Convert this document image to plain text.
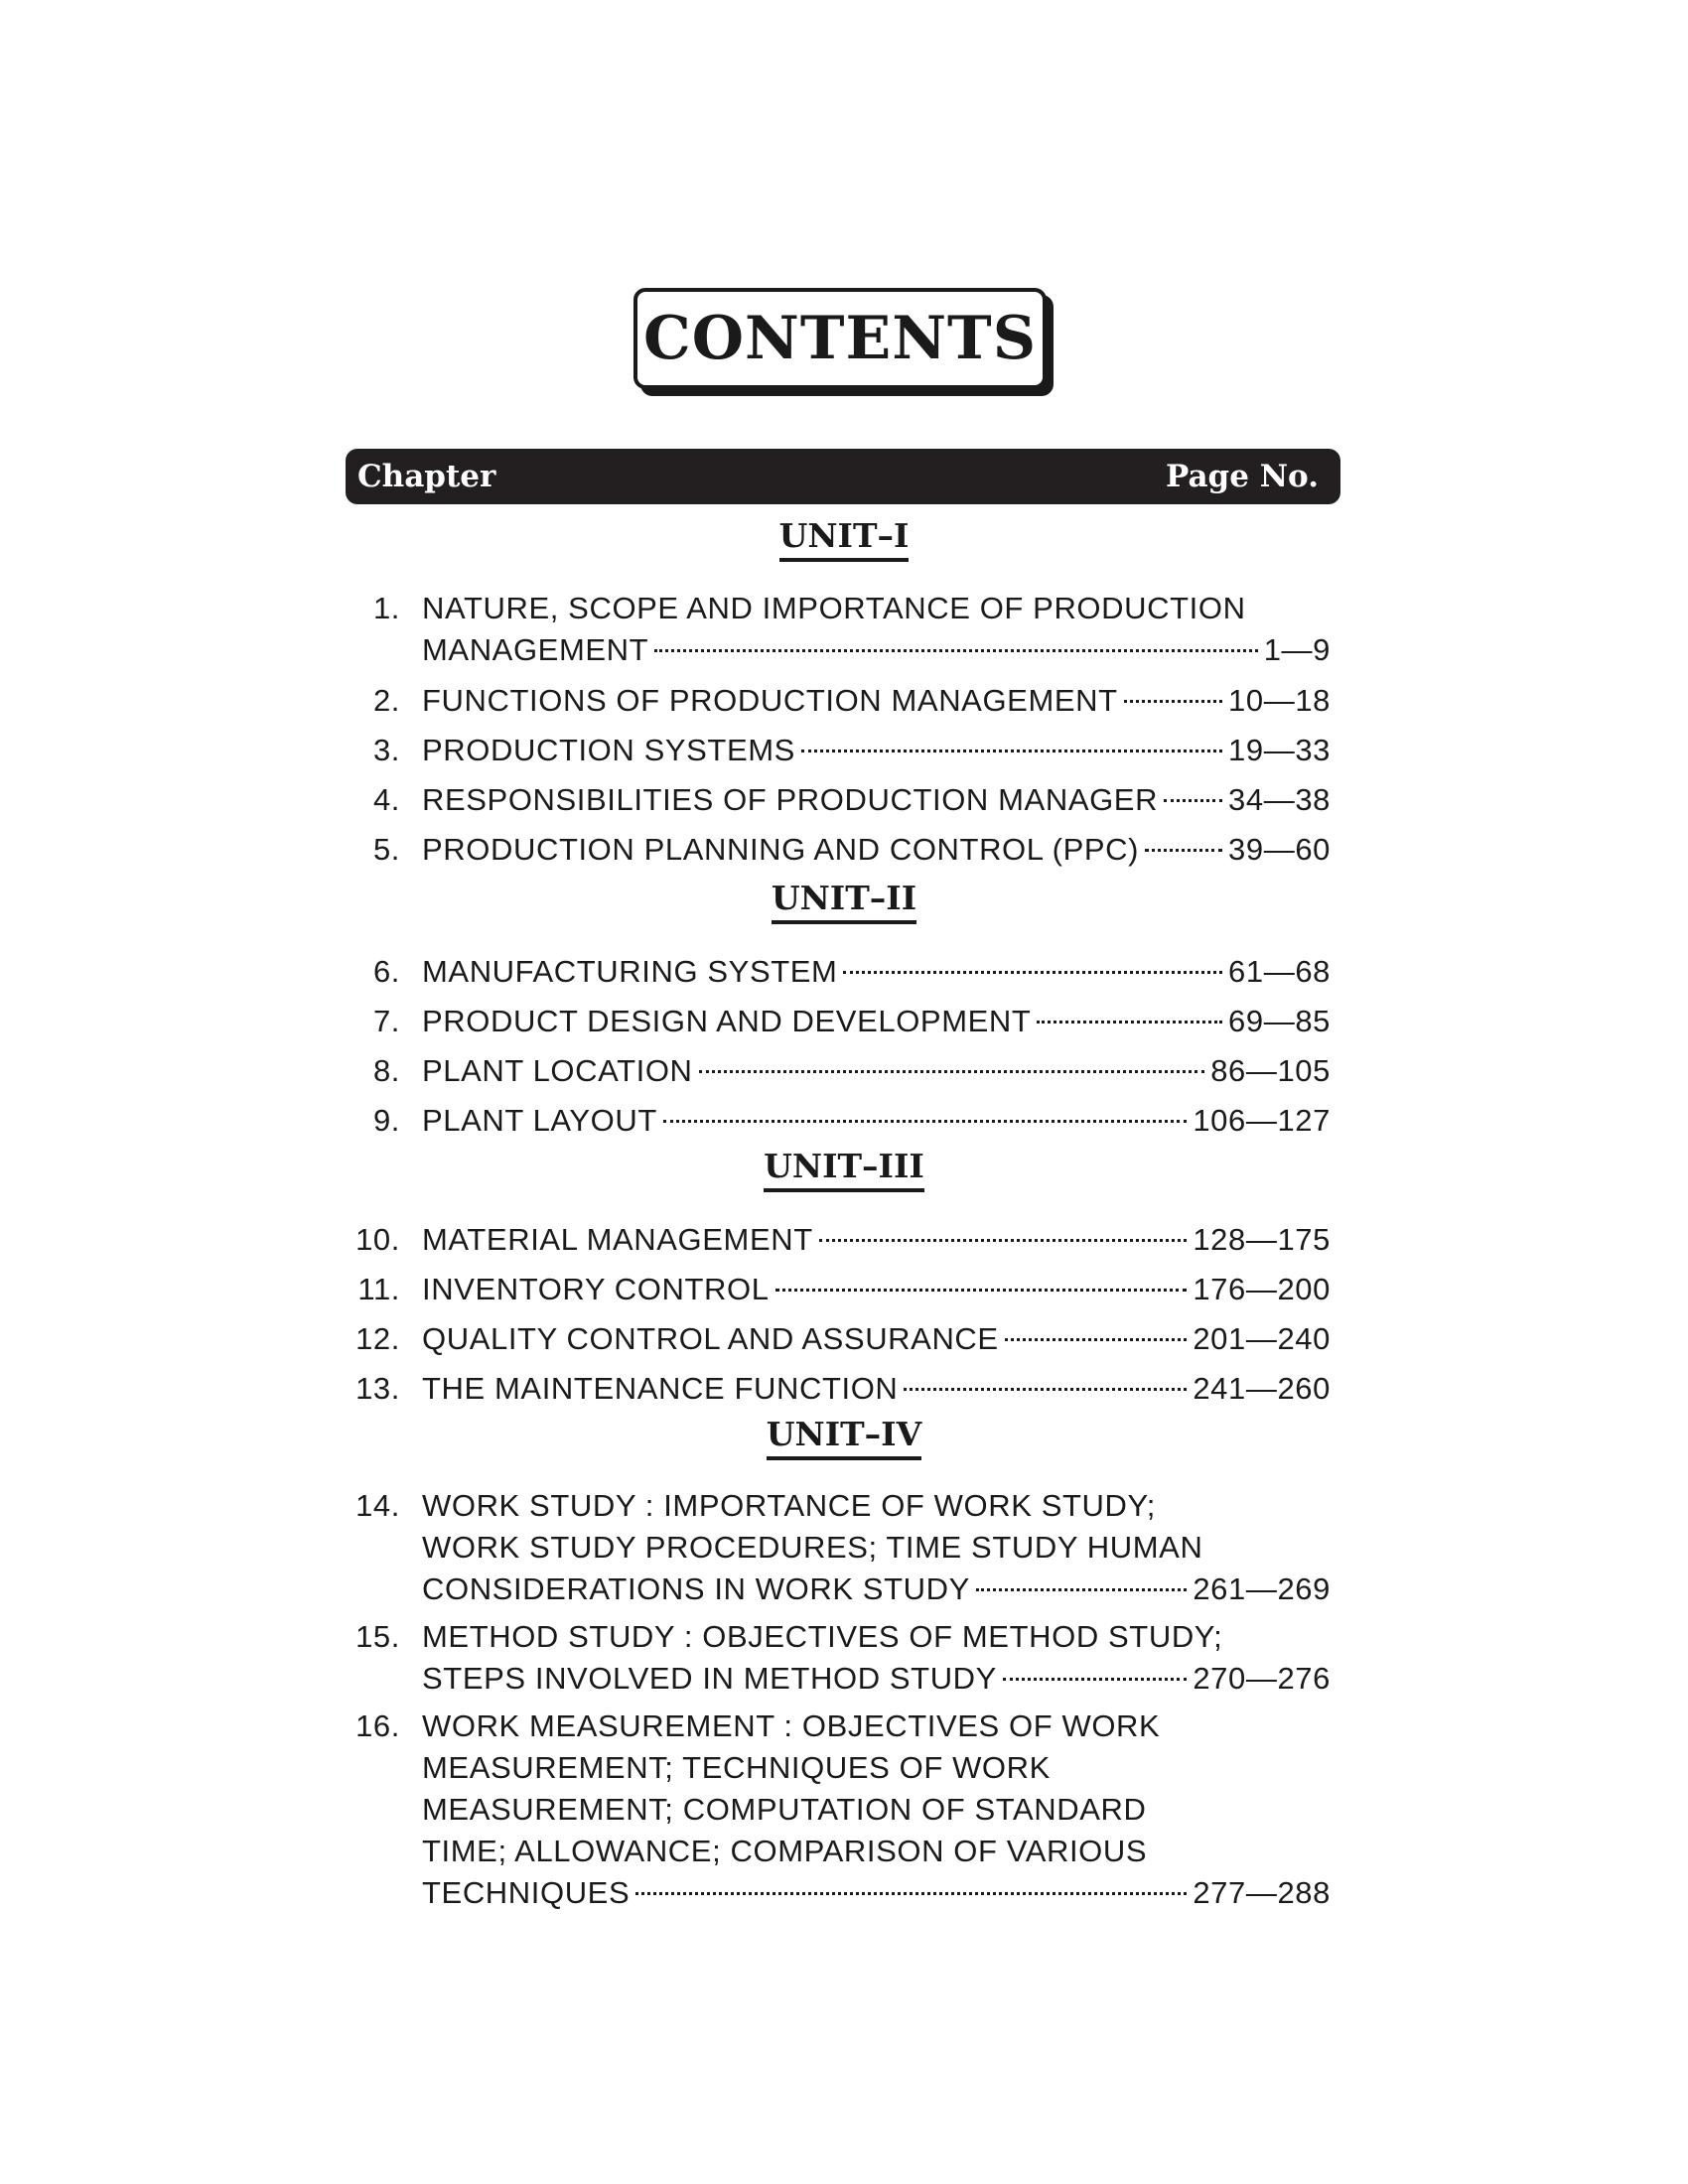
CONTENTS
Chapter	Page No.
UNIT–I
1. NATURE, SCOPE AND IMPORTANCE OF PRODUCTION
MANAGEMENT	1—9
2. FUNCTIONS OF PRODUCTION MANAGEMENT	10—18
3. PRODUCTION SYSTEMS	19—33
4. RESPONSIBILITIES OF PRODUCTION MANAGER 34—38
5. PRODUCTION PLANNING AND CONTROL (PPC)	39—60
UNIT–II
6. MANUFACTURING SYSTEM	61—68
7. PRODUCT DESIGN AND DEVELOPMENT	69—85
8. PLANT LOCATION	86—105
9. PLANT LAYOUT	106—127
UNIT–III
10. MATERIAL MANAGEMENT	128—175
11. INVENTORY CONTROL	176—200
12. QUALITY CONTROL AND ASSURANCE	201—240
13. THE MAINTENANCE FUNCTION	241—260
UNIT–IV
14. WORK STUDY : IMPORTANCE OF WORK STUDY;
WORK STUDY PROCEDURES; TIME STUDY HUMAN
CONSIDERATIONS IN WORK STUDY	261—269
15. METHOD STUDY : OBJECTIVES OF METHOD STUDY;
STEPS INVOLVED IN METHOD STUDY	270—276
16. WORK MEASUREMENT : OBJECTIVES OF WORK
MEASUREMENT; TECHNIQUES OF WORK
MEASUREMENT; COMPUTATION OF STANDARD
TIME; ALLOWANCE; COMPARISON OF VARIOUS
TECHNIQUES	277—288
